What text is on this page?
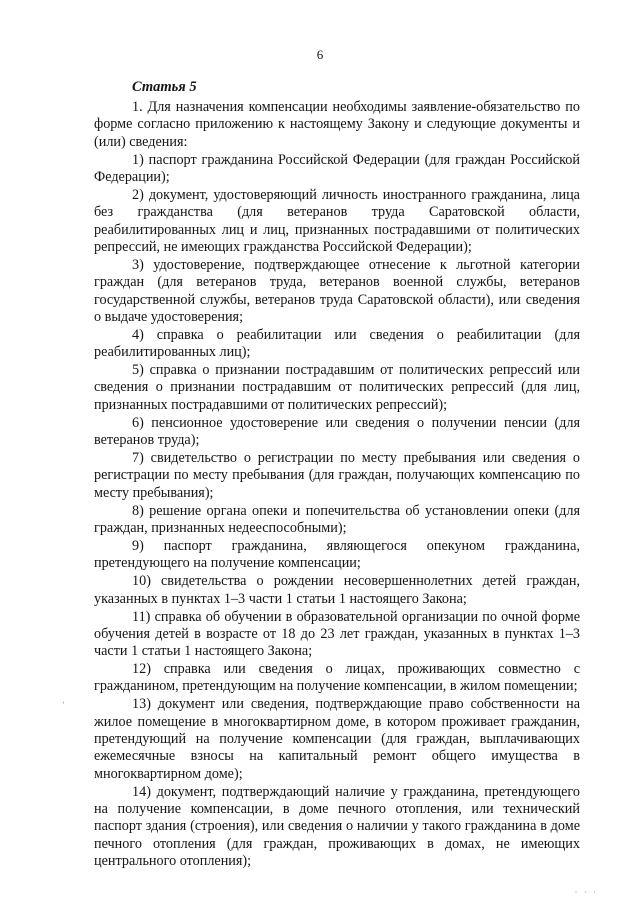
6
Статья 5

1. Для назначения компенсации необходимы заявление-обязательство по форме согласно приложению к настоящему Закону и следующие документы и (или) сведения:

1) паспорт гражданина Российской Федерации (для граждан Российской Федерации);

2) документ, удостоверяющий личность иностранного гражданина, лица без гражданства (для ветеранов труда Саратовской области, реабилитированных лиц и лиц, признанных пострадавшими от политических репрессий, не имеющих гражданства Российской Федерации);

3) удостоверение, подтверждающее отнесение к льготной категории граждан (для ветеранов труда, ветеранов военной службы, ветеранов государственной службы, ветеранов труда Саратовской области), или сведения о выдаче удостоверения;

4) справка о реабилитации или сведения о реабилитации (для реабилитированных лиц);

5) справка о признании пострадавшим от политических репрессий или сведения о признании пострадавшим от политических репрессий (для лиц, признанных пострадавшими от политических репрессий);

6) пенсионное удостоверение или сведения о получении пенсии (для ветеранов труда);

7) свидетельство о регистрации по месту пребывания или сведения о регистрации по месту пребывания (для граждан, получающих компенсацию по месту пребывания);

8) решение органа опеки и попечительства об установлении опеки (для граждан, признанных недееспособными);

9) паспорт гражданина, являющегося опекуном гражданина, претендующего на получение компенсации;

10) свидетельства о рождении несовершеннолетних детей граждан, указанных в пунктах 1–3 части 1 статьи 1 настоящего Закона;

11) справка об обучении в образовательной организации по очной форме обучения детей в возрасте от 18 до 23 лет граждан, указанных в пунктах 1–3 части 1 статьи 1 настоящего Закона;

12) справка или сведения о лицах, проживающих совместно с гражданином, претендующим на получение компенсации, в жилом помещении;

13) документ или сведения, подтверждающие право собственности на жилое помещение в многоквартирном доме, в котором проживает гражданин, претендующий на получение компенсации (для граждан, выплачивающих ежемесячные взносы на капитальный ремонт общего имущества в многоквартирном доме);

14) документ, подтверждающий наличие у гражданина, претендующего на получение компенсации, в доме печного отопления, или технический паспорт здания (строения), или сведения о наличии у такого гражданина в доме печного отопления (для граждан, проживающих в домах, не имеющих центрального отопления);

ʼ
· · ·
